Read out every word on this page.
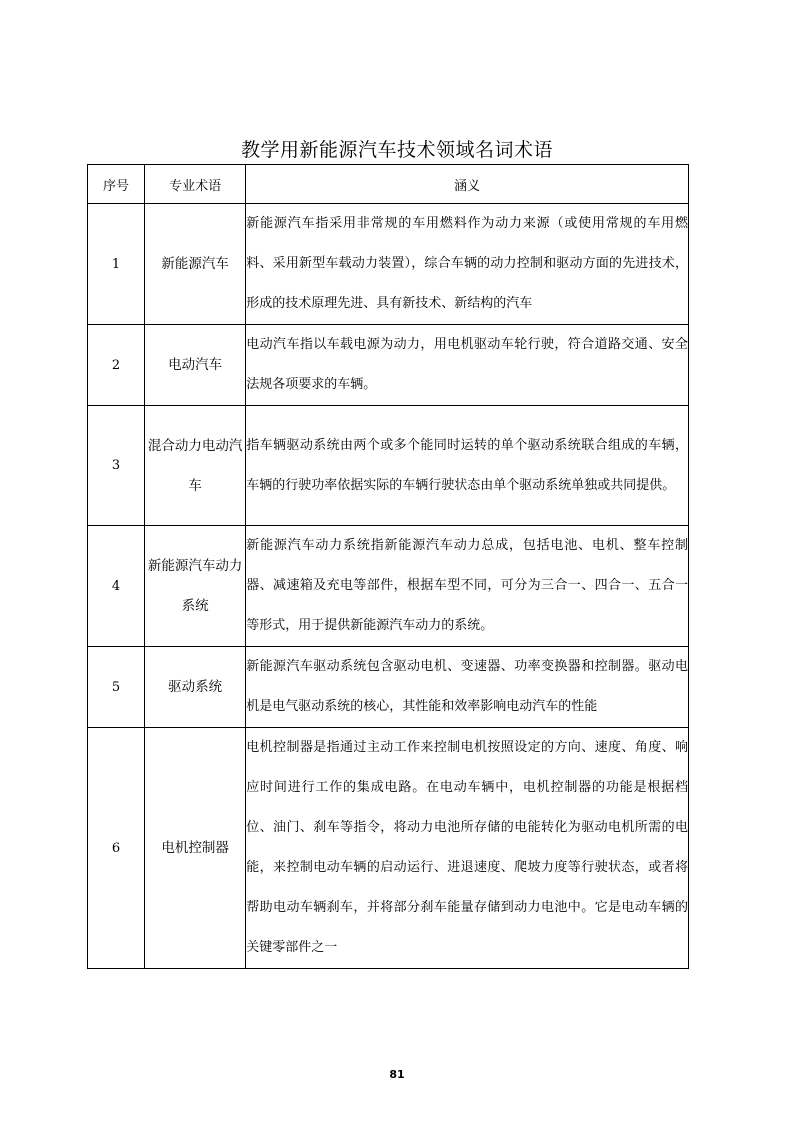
教学用新能源汽车技术领域名词术语
序号	专业术语	涵义
1	新能源汽车	新能源汽车指采用非常规的车用燃料作为动力来源（或使用常规的车用燃料、采用新型车载动力装置），综合车辆的动力控制和驱动方面的先进技术，形成的技术原理先进、具有新技术、新结构的汽车
2	电动汽车	电动汽车指以车载电源为动力，用电机驱动车轮行驶，符合道路交通、安全法规各项要求的车辆。
3	混合动力电动汽车	指车辆驱动系统由两个或多个能同时运转的单个驱动系统联合组成的车辆，车辆的行驶功率依据实际的车辆行驶状态由单个驱动系统单独或共同提供。
4	新能源汽车动力系统	新能源汽车动力系统指新能源汽车动力总成，包括电池、电机、整车控制器、减速箱及充电等部件，根据车型不同，可分为三合一、四合一、五合一等形式，用于提供新能源汽车动力的系统。
5	驱动系统	新能源汽车驱动系统包含驱动电机、变速器、功率变换器和控制器。驱动电机是电气驱动系统的核心，其性能和效率影响电动汽车的性能
6	电机控制器	电机控制器是指通过主动工作来控制电机按照设定的方向、速度、角度、响应时间进行工作的集成电路。在电动车辆中，电机控制器的功能是根据档位、油门、刹车等指令，将动力电池所存储的电能转化为驱动电机所需的电能，来控制电动车辆的启动运行、进退速度、爬坡力度等行驶状态，或者将帮助电动车辆刹车，并将部分刹车能量存储到动力电池中。它是电动车辆的关键零部件之一
81
